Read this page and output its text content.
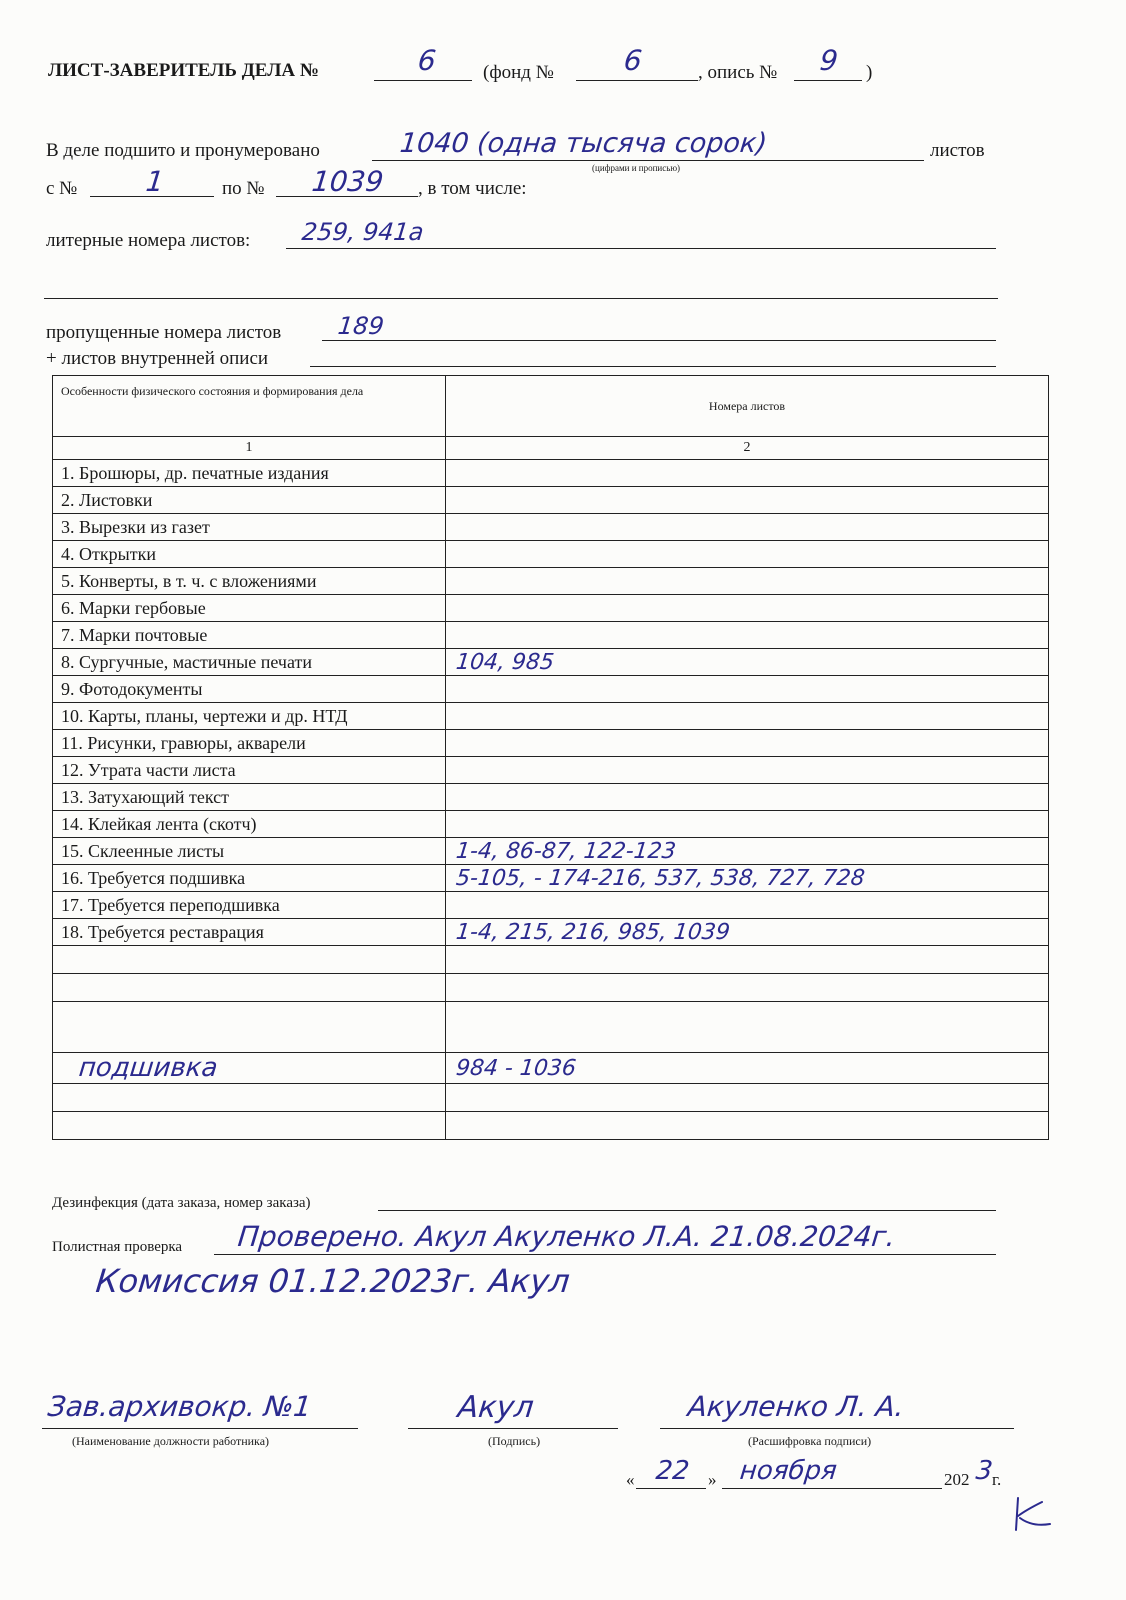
ЛИСТ-ЗАВЕРИТЕЛЬ ДЕЛА №	6 (фонд № 6	, опись № 9 )
В деле подшито и пронумеровано	1040 (одна тысяча сорок)	листов
(цифрами и прописью)
с № 1	по № 1039 , в том числе:
литерные номера листов: 259, 941а
пропущенные номера листов 189
+ листов внутренней описи
Особенности физического состояния и формирования дела	Номера листов
1	2
1. Брошюры, др. печатные издания	
2. Листовки	
3. Вырезки из газет	
4. Открытки	
5. Конверты, в т. ч. с вложениями	
6. Марки гербовые	
7. Марки почтовые	
8. Сургучные, мастичные печати	104, 985
9. Фотодокументы	
10. Карты, планы, чертежи и др. НТД	
11. Рисунки, гравюры, акварели	
12. Утрата части листа	
13. Затухающий текст	
14. Клейкая лента (скотч)	
15. Склеенные листы	1-4, 86-87, 122-123
16. Требуется подшивка	5-105, - 174-216, 537, 538, 727, 728
17. Требуется переподшивка	
18. Требуется реставрация	1-4, 215, 216, 985, 1039

подшивка	984 - 1036

Дезинфекция (дата заказа, номер заказа)
Полистная проверка Проверено. Акул Акуленко Л.А. 21.08.2024г.
Комиссия 01.12.2023г. Акул
Зав.архивокр. №1
(Наименование должности работника)
Акул
(Подпись)
Акуленко Л. А.
(Расшифровка подписи)
« 22 » ноября	202 3
г.
